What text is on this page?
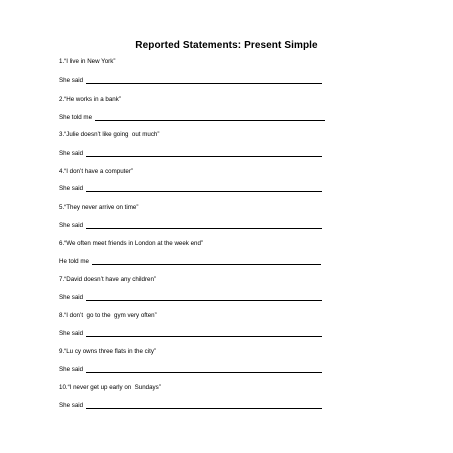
Reported Statements: Present Simple
1.“I live in New York”
She said
2.“He works in a bank”
She told me
3.“Julie doesn’t like going  out much”
She said
4.“I don’t have a computer”
She said
5.“They never arrive on time”
She said
6.“We often meet friends in London at the week end”
He told me
7.“David doesn’t have any children”
She said
8.“I don’t  go to the  gym very often”
She said
9.“Lu cy owns three flats in the city”
She said
10.“I never get up early on  Sundays”
She said
